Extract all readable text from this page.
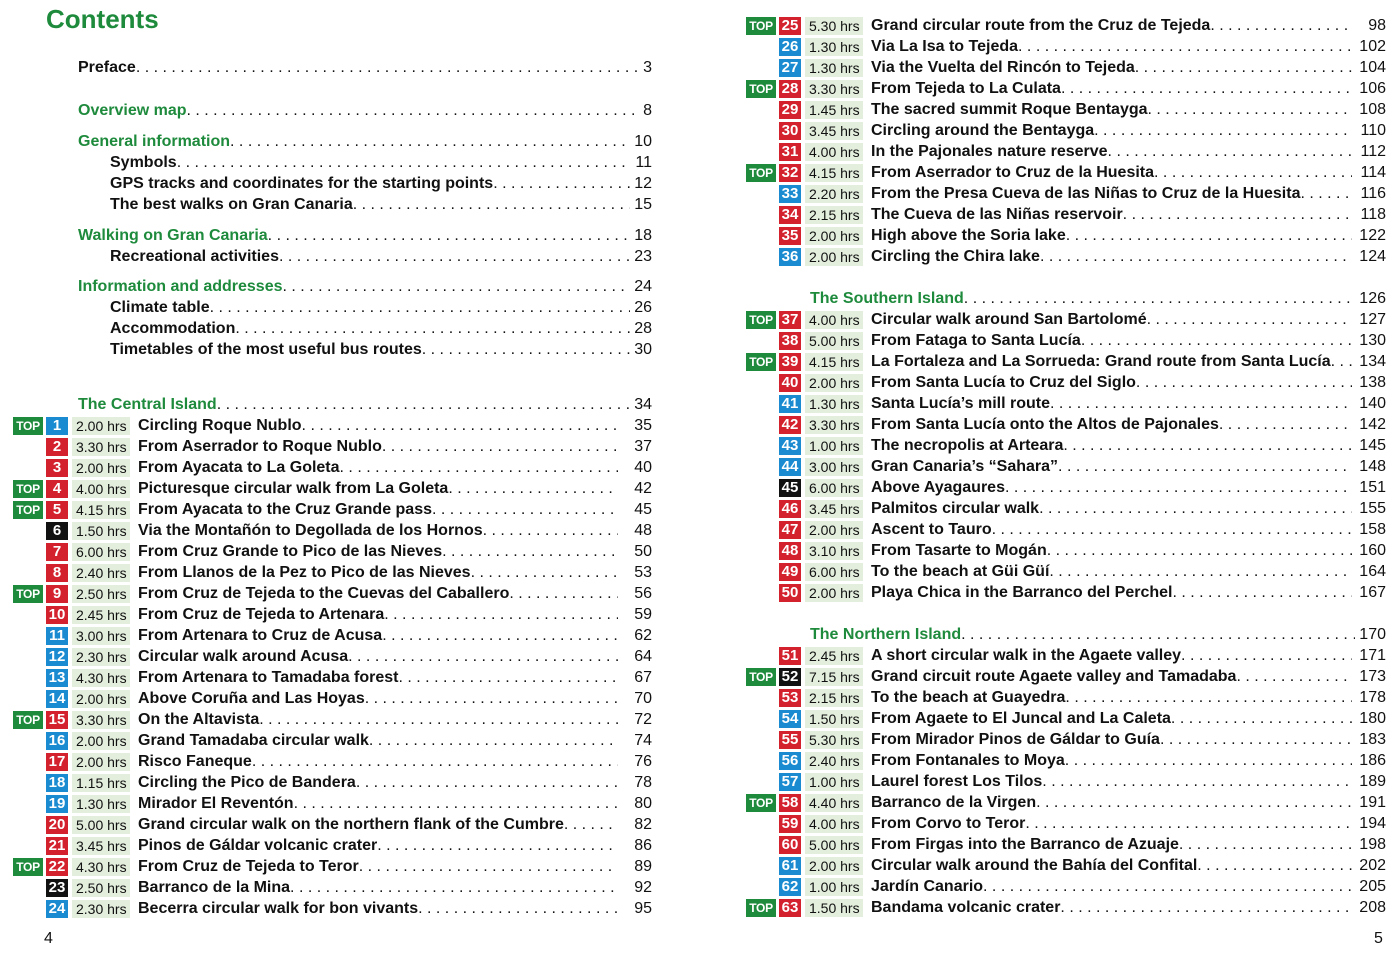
Contents
Preface . . .	3
Overview map . . .	8
General information . . .	10
Symbols . . .	11
GPS tracks and coordinates for the starting points . . .	12
The best walks on Gran Canaria . . .	15
Walking on Gran Canaria . . .	18
Recreational activities . . .	23
Information and addresses . . .	24
Climate table . . .	26
Accommodation . . .	28
Timetables of the most useful bus routes . . .	30
The Central Island . . .	34
TOP 1	2.00 hrs Circling Roque Nublo . . .	35
2	3.30 hrs From Aserrador to Roque Nublo . . .	37
3	2.00 hrs From Ayacata to La Goleta . . .	40
TOP 4	4.00 hrs Picturesque circular walk from La Goleta . . .	42
TOP 5	4.15 hrs From Ayacata to the Cruz Grande pass . . .	45
6	1.50 hrs Via the Montañón to Degollada de los Hornos . . .	48
7	6.00 hrs From Cruz Grande to Pico de las Nieves . . .	50
8	2.40 hrs From Llanos de la Pez to Pico de las Nieves . . .	53
TOP 9	2.50 hrs From Cruz de Tejeda to the Cuevas del Caballero . . .	56
10 2.45 hrs From Cruz de Tejeda to Artenara . . .	59
11 3.00 hrs From Artenara to Cruz de Acusa . . .	62
12 2.30 hrs Circular walk around Acusa . . .	64
13 4.30 hrs From Artenara to Tamadaba forest . . .	67
14 2.00 hrs Above Coruña and Las Hoyas . . .	70
TOP 15 3.30 hrs On the Altavista . . .	72
16 2.00 hrs Grand Tamadaba circular walk . . .	74
17 2.00 hrs Risco Faneque . . .	76
18 1.15 hrs Circling the Pico de Bandera . . .	78
19 1.30 hrs Mirador El Reventón . . .	80
20 5.00 hrs Grand circular walk on the northern flank of the Cumbre . . .	82
21 3.45 hrs Pinos de Gáldar volcanic crater . . .	86
TOP 22 4.30 hrs From Cruz de Tejeda to Teror . . .	89
23 2.50 hrs Barranco de la Mina . . .	92
24 2.30 hrs Becerra circular walk for bon vivants . . .	95
4
TOP 25 5.30 hrs Grand circular route from the Cruz de Tejeda . . .	98
26 1.30 hrs Via La Isa to Tejeda . . .	102
27 1.30 hrs Via the Vuelta del Rincón to Tejeda . . .	104
TOP 28 3.30 hrs From Tejeda to La Culata . . .	106
29 1.45 hrs The sacred summit Roque Bentayga . . .	108
30 3.45 hrs Circling around the Bentayga . . .	110
31 4.00 hrs In the Pajonales nature reserve . . .	112
TOP 32 4.15 hrs From Aserrador to Cruz de la Huesita . . .	114
33 2.20 hrs From the Presa Cueva de las Niñas to Cruz de la Huesita . . .	116
34 2.15 hrs The Cueva de las Niñas reservoir . . .	118
35 2.00 hrs High above the Soria lake . . .	122
36 2.00 hrs Circling the Chira lake . . .	124
The Southern Island . . .	126
TOP 37 4.00 hrs Circular walk around San Bartolomé . . .	127
38 5.00 hrs From Fataga to Santa Lucía . . .	130
TOP 39 4.15 hrs La Fortaleza and La Sorrueda: Grand route from Santa Lucía . . .	134
40 2.00 hrs From Santa Lucía to Cruz del Siglo . . .	138
41 1.30 hrs Santa Lucía’s mill route . . .	140
42 3.30 hrs From Santa Lucía onto the Altos de Pajonales . . .	142
43 1.00 hrs The necropolis at Arteara . . .	145
44 3.00 hrs Gran Canaria’s “Sahara” . . .	148
45 6.00 hrs Above Ayagaures . . .	151
46 3.45 hrs Palmitos circular walk . . .	155
47 2.00 hrs Ascent to Tauro . . .	158
48 3.10 hrs From Tasarte to Mogán . . .	160
49 6.00 hrs To the beach at Güi Güí . . .	164
50 2.00 hrs Playa Chica in the Barranco del Perchel . . .	167
The Northern Island . . .	170
51 2.45 hrs A short circular walk in the Agaete valley . . .	171
TOP 52 7.15 hrs Grand circuit route Agaete valley and Tamadaba . . .	173
53 2.15 hrs To the beach at Guayedra . . .	178
54 1.50 hrs From Agaete to El Juncal and La Caleta . . .	180
55 5.30 hrs From Mirador Pinos de Gáldar to Guía . . .	183
56 2.40 hrs From Fontanales to Moya . . .	186
57 1.00 hrs Laurel forest Los Tilos . . .	189
TOP 58 4.40 hrs Barranco de la Virgen . . .	191
59 4.00 hrs From Corvo to Teror . . .	194
60 5.00 hrs From Firgas into the Barranco de Azuaje . . .	198
61 2.00 hrs Circular walk around the Bahía del Confital . . .	202
62 1.00 hrs Jardín Canario . . .	205
TOP 63 1.50 hrs Bandama volcanic crater . . .	208
5
